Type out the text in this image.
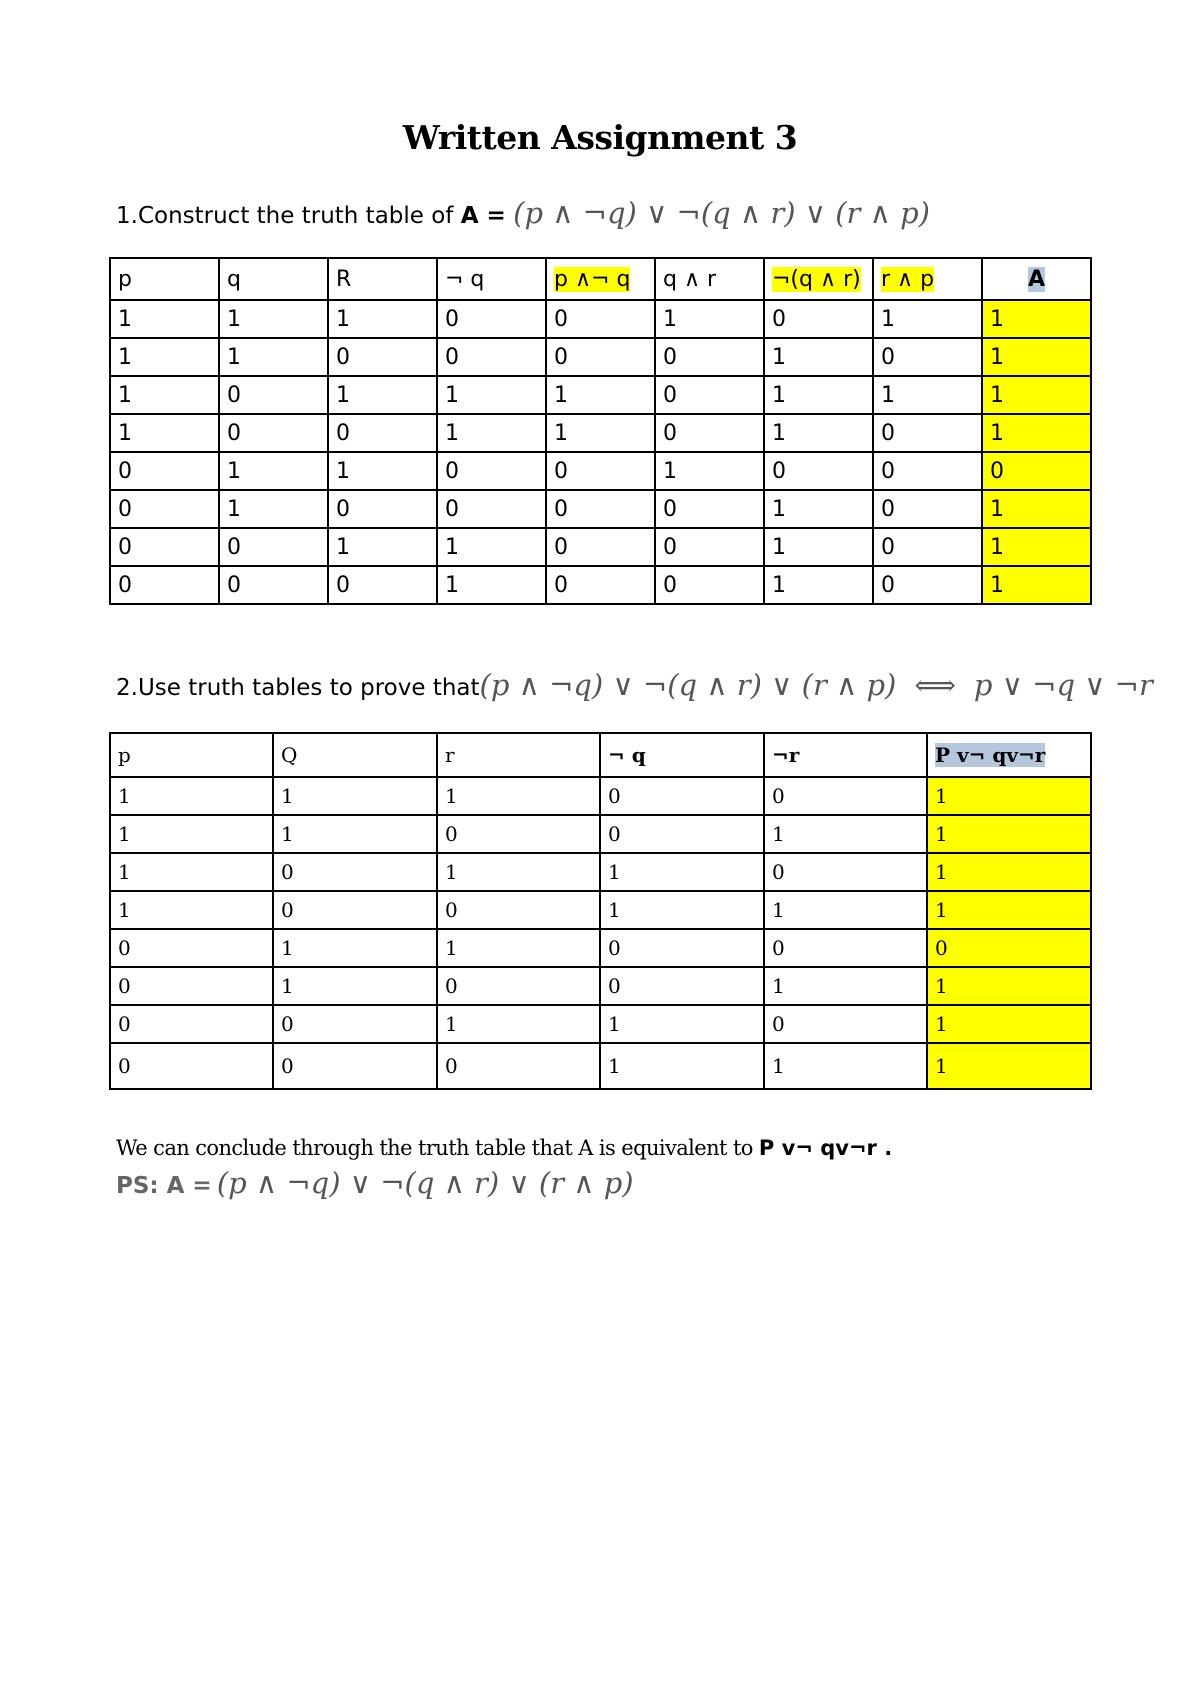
Written Assignment 3
1.Construct the truth table of A = (p ∧ ¬q) ∨ ¬(q ∧ r) ∨ (r ∧ p)
p	q	R	¬ q	p ∧¬ q	q ∧ r	¬(q ∧ r)	r ∧ p	A
1	1	1	0	0	1	0	1	1
1	1	0	0	0	0	1	0	1
1	0	1	1	1	0	1	1	1
1	0	0	1	1	0	1	0	1
0	1	1	0	0	1	0	0	0
0	1	0	0	0	0	1	0	1
0	0	1	1	0	0	1	0	1
0	0	0	1	0	0	1	0	1
2.Use truth tables to prove that(p ∧ ¬q) ∨ ¬(q ∧ r) ∨ (r ∧ p) ⟺ p ∨ ¬q ∨ ¬r
p	Q	r	¬ q	¬r	P v¬ qv¬r
1	1	1	0	0	1
1	1	0	0	1	1
1	0	1	1	0	1
1	0	0	1	1	1
0	1	1	0	0	0
0	1	0	0	1	1
0	0	1	1	0	1
0	0	0	1	1	1
We can conclude through the truth table that A is equivalent to P v¬ qv¬r .
PS: A = (p ∧ ¬q) ∨ ¬(q ∧ r) ∨ (r ∧ p)
